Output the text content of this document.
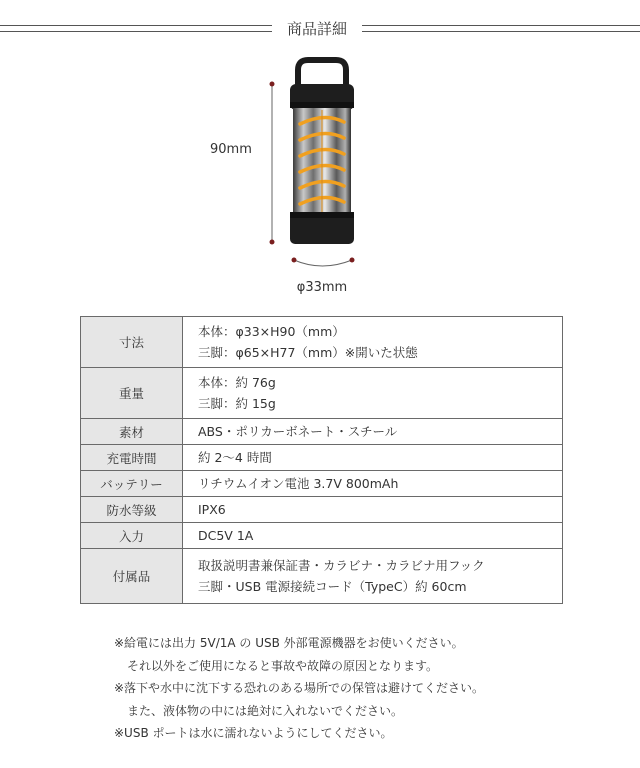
商品詳細
90mm
φ33mm
寸法	本体：φ33×H90（mm）
三脚：φ65×H77（mm）※開いた状態

重量	本体：約 76g
三脚：約 15g

素材	ABS・ポリカーボネート・スチール
充電時間	約 2〜4 時間
バッテリー	リチウムイオン電池 3.7V 800mAh
防水等級	IPX6
入力	DC5V 1A
付属品	取扱説明書兼保証書・カラビナ・カラビナ用フック
三脚・USB 電源接続コード（TypeC）約 60cm
※給電には出力 5V/1A の USB 外部電源機器をお使いください。
それ以外をご使用になると事故や故障の原因となります。
※落下や水中に沈下する恐れのある場所での保管は避けてください。
また、液体物の中には絶対に入れないでください。
※USB ポートは水に濡れないようにしてください。
